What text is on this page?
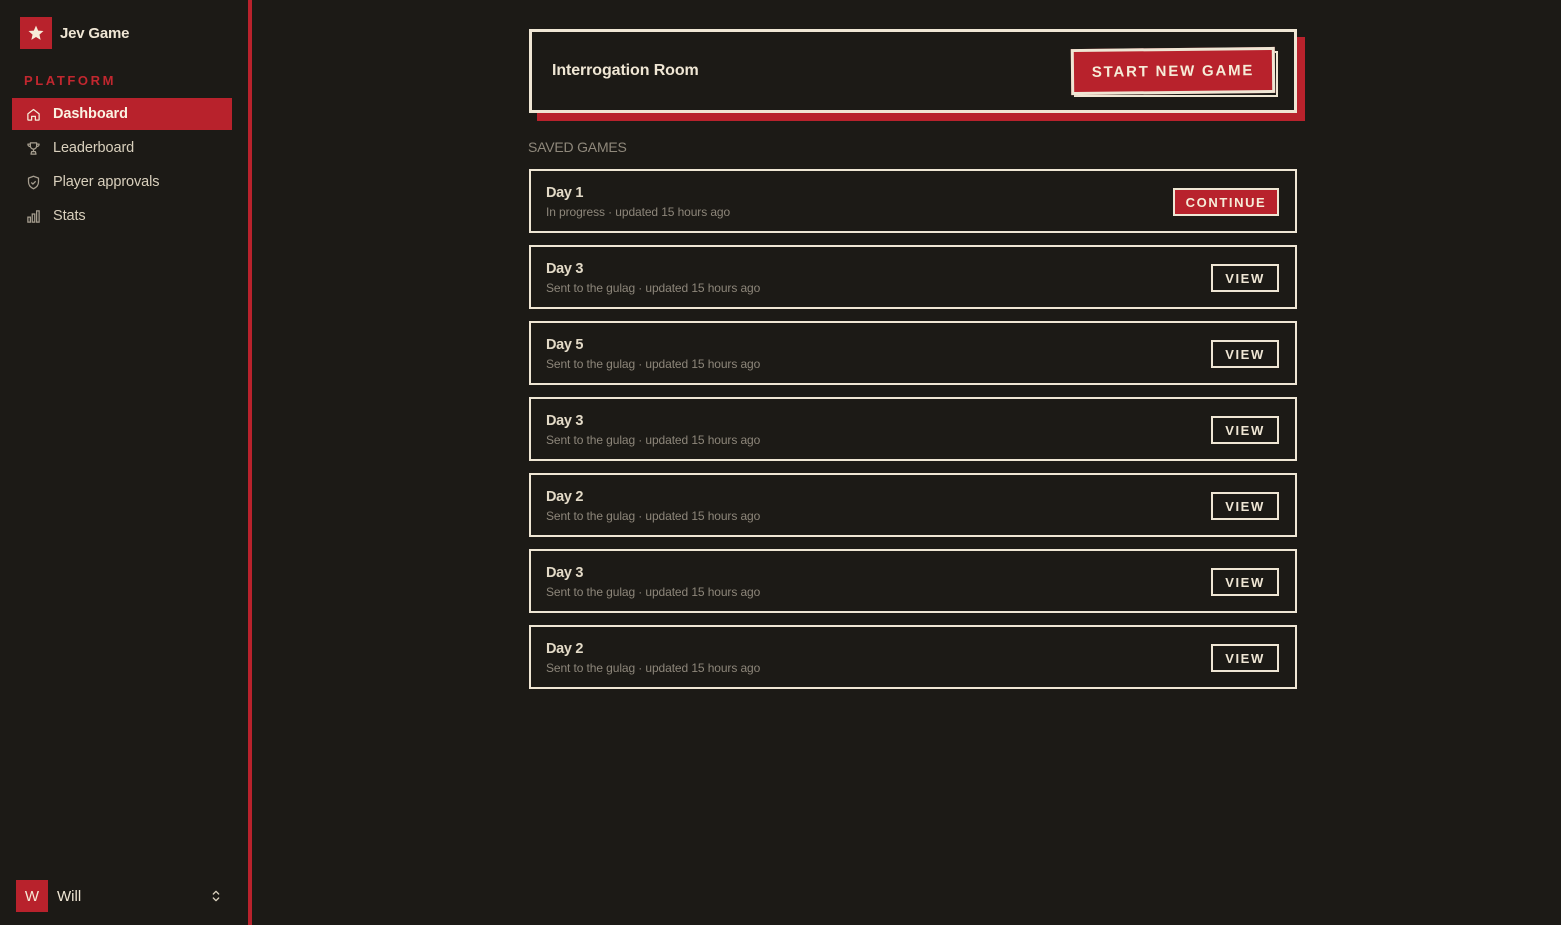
Jev Game
PLATFORM
Dashboard
Leaderboard
Player approvals
Stats
W	Will
Interrogation Room	START NEW GAME
SAVED GAMES
Day 1
In progress · updated 15 hours ago
CONTINUE
Day 3
Sent to the gulag · updated 15 hours ago
VIEW
Day 5
Sent to the gulag · updated 15 hours ago
VIEW
Day 3
Sent to the gulag · updated 15 hours ago
VIEW
Day 2
Sent to the gulag · updated 15 hours ago
VIEW
Day 3
Sent to the gulag · updated 15 hours ago
VIEW
Day 2
Sent to the gulag · updated 15 hours ago
VIEW
